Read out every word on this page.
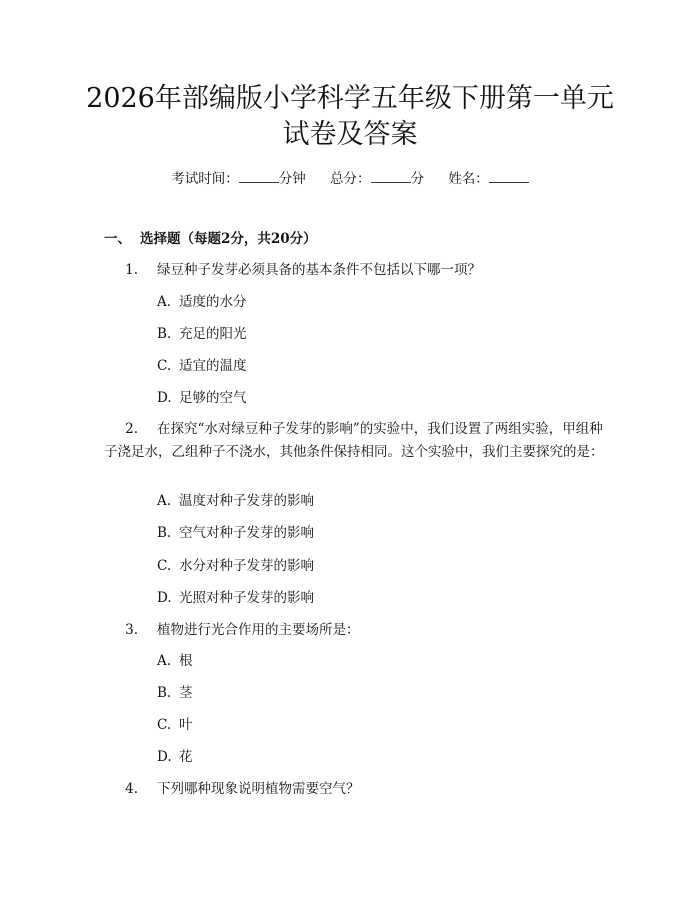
2026年部编版小学科学五年级下册第一单元
试卷及答案
考试时间：	分钟 总分：	分 姓名：
一、 选择题（每题2分，共20分）
1. 绿豆种子发芽必须具备的基本条件不包括以下哪一项？
A. 适度的水分
B. 充足的阳光
C. 适宜的温度
D. 足够的空气
2. 在探究“水对绿豆种子发芽的影响”的实验中，我们设置了两组实验，甲组种子浇足水，乙组种子不浇水，其他条件保持相同。这个实验中，我们主要探究的是：
A. 温度对种子发芽的影响
B. 空气对种子发芽的影响
C. 水分对种子发芽的影响
D. 光照对种子发芽的影响
3. 植物进行光合作用的主要场所是：
A. 根
B. 茎
C. 叶
D. 花
4. 下列哪种现象说明植物需要空气？
